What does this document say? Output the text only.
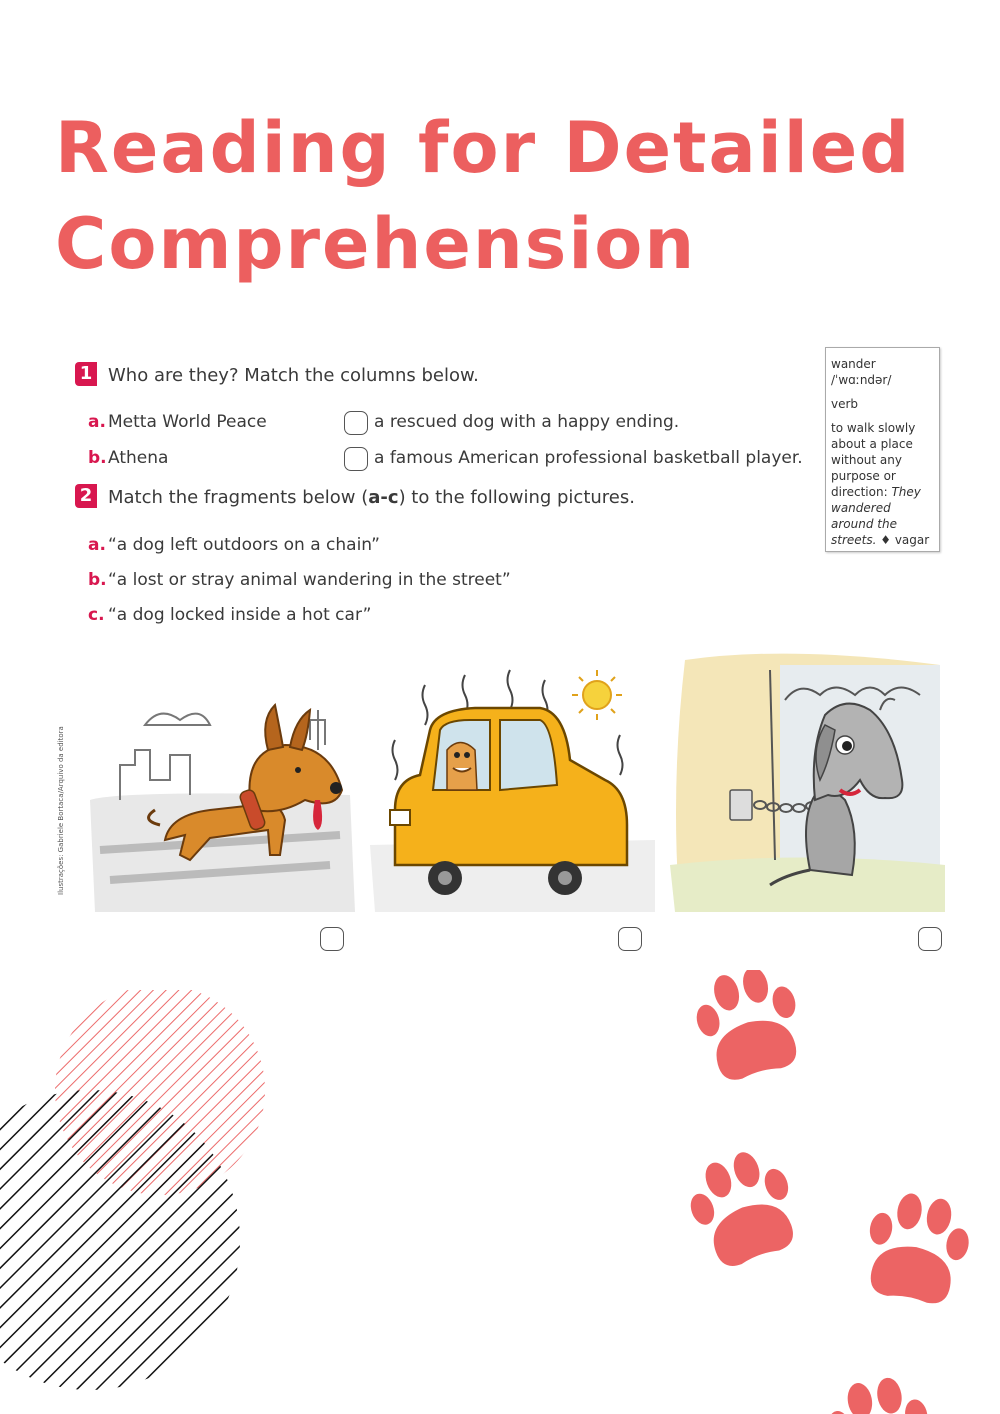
Reading for Detailed
Comprehension
1 Who are they? Match the columns below.
a. Metta World Peace
b. Athena
a rescued dog with a happy ending.
a famous American professional basketball player.
2 Match the fragments below (a-c) to the following pictures.
a. “a dog left outdoors on a chain”
b. “a lost or stray animal wandering in the street”
c. “a dog locked inside a hot car”
wander
/ˈwɑːndər/
verb
to walk slowly about a place without any purpose or direction: They wandered around the streets. ♦ vagar
Ilustrações: Gabriele Bortaca/Arquivo da editora
